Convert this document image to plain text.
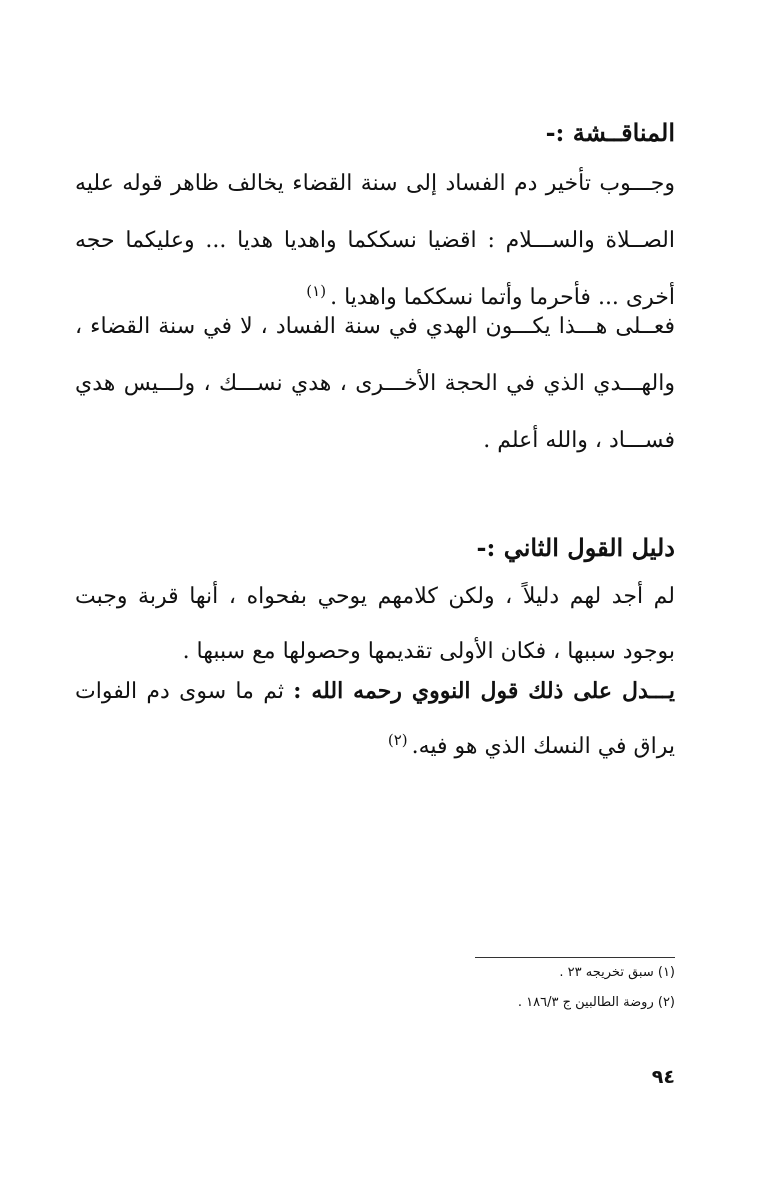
المناقــشة :-

وجـــوب تأخير دم الفساد إلى سنة القضاء يخالف ظاهر قوله عليه الصــلاة والســـلام : اقضيا نسككما واهديا هديا ... وعليكما حجه أخرى ... فأحرما وأتما نسككما واهديا .$^{(١)}$

فعــلى هـــذا يكـــون الهدي في سنة الفساد ، لا في سنة القضاء ، والهـــدي الذي في الحجة الأخـــرى ، هدي نســـك ، ولـــيس هدي فســـاد ، والله أعلم .

دليل القول الثاني :-

لم أجد لهم دليلاً ، ولكن كلامهم يوحي بفحواه ، أنها قربة وجبت بوجود سببها ، فكان الأولى تقديمها وحصولها مع سببها .

يـــدل على ذلك قول النووي رحمه الله : ثم ما سوى دم الفوات يراق في النسك الذي هو فيه.$^{(٢)}$

(١) سبق تخريجه ٢٣ .

(٢) روضة الطالبين ج ١٨٦/٣ .

٩٤
